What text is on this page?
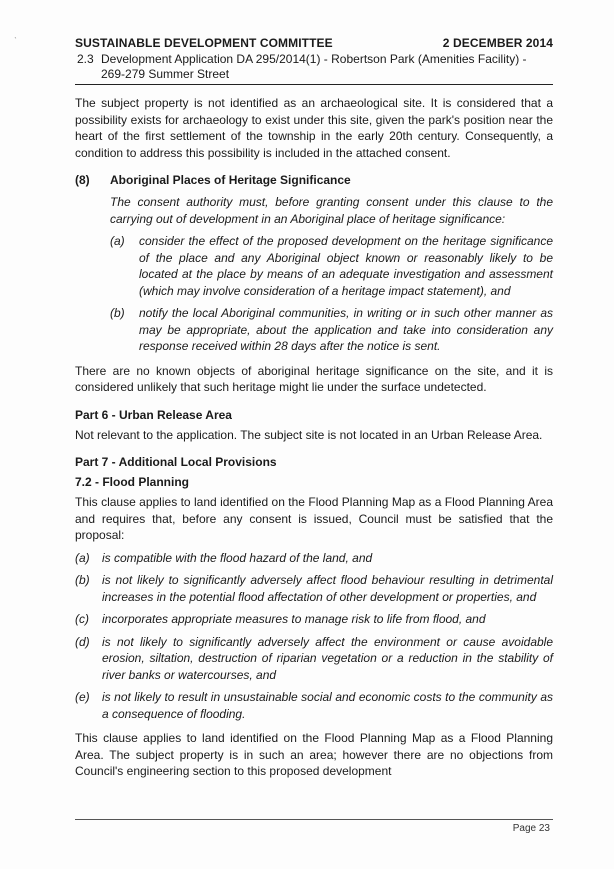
ˋ	SUSTAINABLE DEVELOPMENT COMMITTEE	2 DECEMBER 2014
2.3 Development Application DA 295/2014(1) - Robertson Park (Amenities Facility) - 269-279 Summer Street

The subject property is not identified as an archaeological site. It is considered that a possibility exists for archaeology to exist under this site, given the park's position near the heart of the first settlement of the township in the early 20th century. Consequently, a condition to address this possibility is included in the attached consent.

(8)	Aboriginal Places of Heritage Significance

The consent authority must, before granting consent under this clause to the carrying out of development in an Aboriginal place of heritage significance:

(a)	consider the effect of the proposed development on the heritage significance of the place and any Aboriginal object known or reasonably likely to be located at the place by means of an adequate investigation and assessment (which may involve consideration of a heritage impact statement), and
(b)	notify the local Aboriginal communities, in writing or in such other manner as may be appropriate, about the application and take into consideration any response received within 28 days after the notice is sent.

There are no known objects of aboriginal heritage significance on the site, and it is considered unlikely that such heritage might lie under the surface undetected.

Part 6 - Urban Release Area

Not relevant to the application. The subject site is not located in an Urban Release Area.

Part 7 - Additional Local Provisions
7.2 - Flood Planning

This clause applies to land identified on the Flood Planning Map as a Flood Planning Area and requires that, before any consent is issued, Council must be satisfied that the proposal:

(a)	is compatible with the flood hazard of the land, and
(b)	is not likely to significantly adversely affect flood behaviour resulting in detrimental increases in the potential flood affectation of other development or properties, and
(c)	incorporates appropriate measures to manage risk to life from flood, and
(d)	is not likely to significantly adversely affect the environment or cause avoidable erosion, siltation, destruction of riparian vegetation or a reduction in the stability of river banks or watercourses, and
(e)	is not likely to result in unsustainable social and economic costs to the community as a consequence of flooding.

This clause applies to land identified on the Flood Planning Map as a Flood Planning Area. The subject property is in such an area; however there are no objections from Council's engineering section to this proposed development

Page 23
